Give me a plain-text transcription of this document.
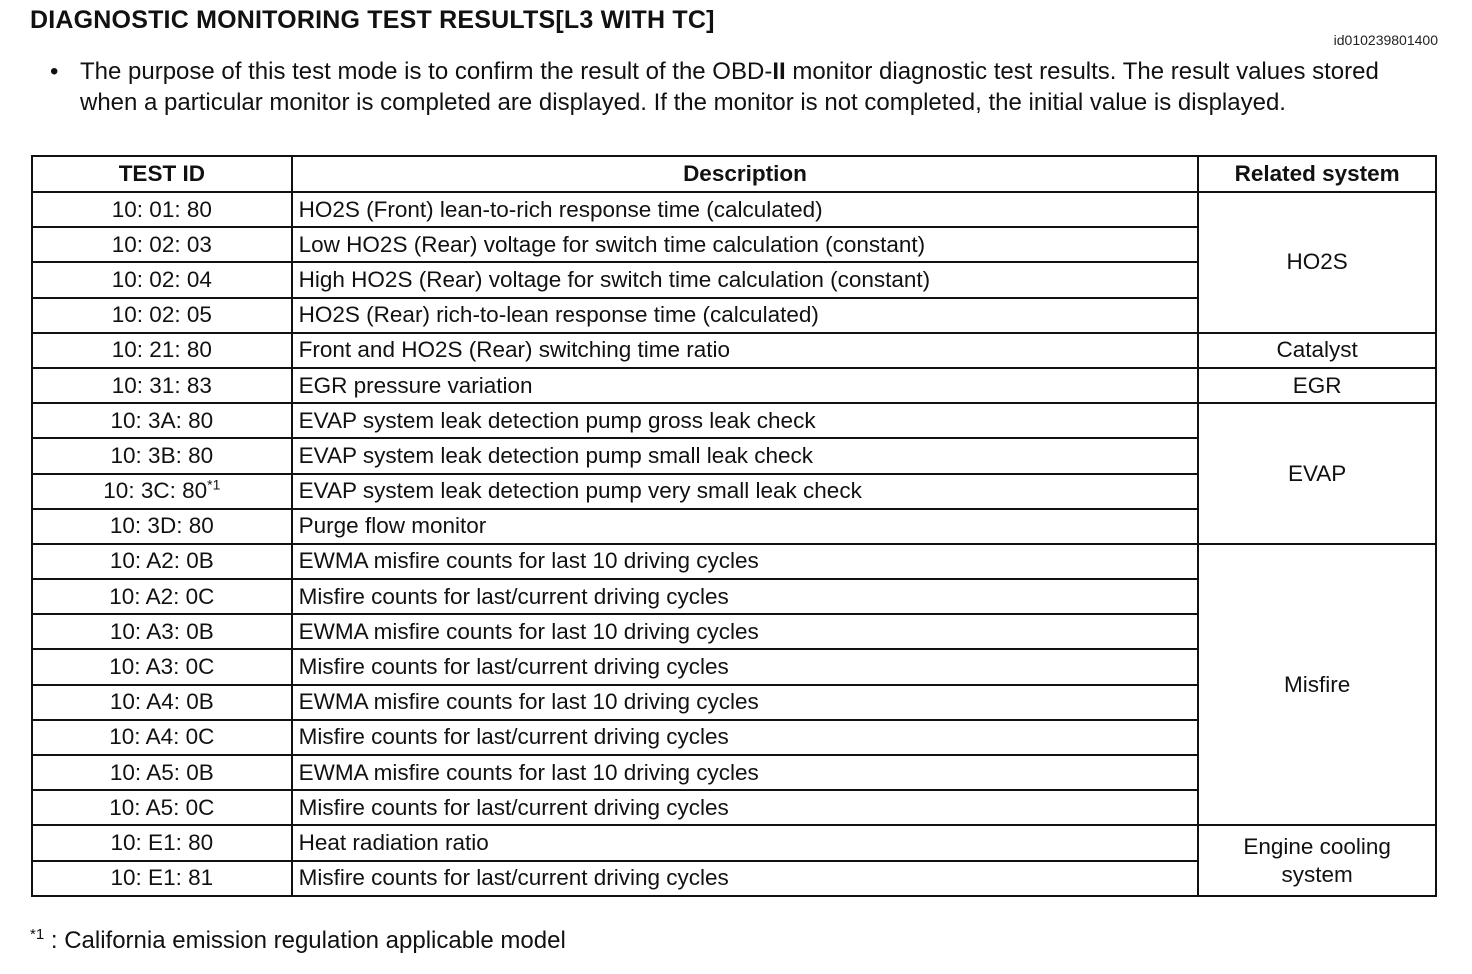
DIAGNOSTIC MONITORING TEST RESULTS[L3 WITH TC]
id010239801400
• The purpose of this test mode is to confirm the result of the OBD-II monitor diagnostic test results. The result values stored when a particular monitor is completed are displayed. If the monitor is not completed, the initial value is displayed.
TEST ID	Description	Related system
10: 01: 80	HO2S (Front) lean-to-rich response time (calculated)	HO2S
10: 02: 03	Low HO2S (Rear) voltage for switch time calculation (constant)	
10: 02: 04	High HO2S (Rear) voltage for switch time calculation (constant)	
10: 02: 05	HO2S (Rear) rich-to-lean response time (calculated)	
10: 21: 80	Front and HO2S (Rear) switching time ratio	Catalyst
10: 31: 83	EGR pressure variation	EGR
10: 3A: 80	EVAP system leak detection pump gross leak check	EVAP
10: 3B: 80	EVAP system leak detection pump small leak check	
10: 3C: 80$^{*1}$	EVAP system leak detection pump very small leak check	
10: 3D: 80	Purge flow monitor	
10: A2: 0B	EWMA misfire counts for last 10 driving cycles	Misfire
10: A2: 0C	Misfire counts for last/current driving cycles	
10: A3: 0B	EWMA misfire counts for last 10 driving cycles	
10: A3: 0C	Misfire counts for last/current driving cycles	
10: A4: 0B	EWMA misfire counts for last 10 driving cycles	
10: A4: 0C	Misfire counts for last/current driving cycles	
10: A5: 0B	EWMA misfire counts for last 10 driving cycles	
10: A5: 0C	Misfire counts for last/current driving cycles	
10: E1: 80	Heat radiation ratio	Engine cooling system
10: E1: 81	Misfire counts for last/current driving cycles	
$^{*1}$ : California emission regulation applicable model
